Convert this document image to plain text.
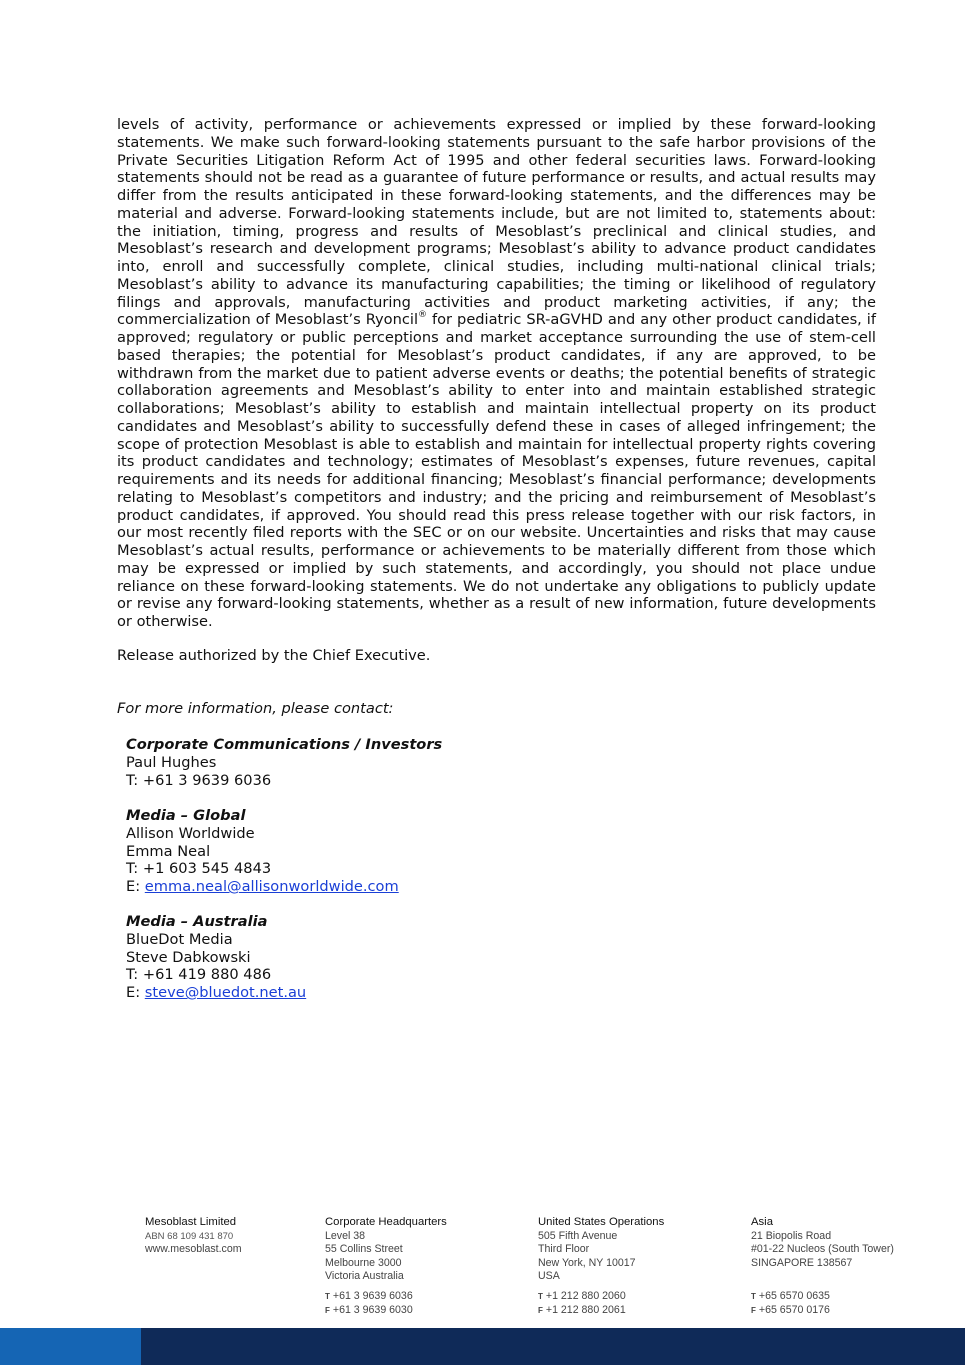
levels of activity, performance or achievements expressed or implied by these forward-looking statements. We make such forward-looking statements pursuant to the safe harbor provisions of the Private Securities Litigation Reform Act of 1995 and other federal securities laws. Forward-looking statements should not be read as a guarantee of future performance or results, and actual results may differ from the results anticipated in these forward-looking statements, and the differences may be material and adverse. Forward-looking statements include, but are not limited to, statements about: the initiation, timing, progress and results of Mesoblast’s preclinical and clinical studies, and Mesoblast’s research and development programs; Mesoblast’s ability to advance product candidates into, enroll and successfully complete, clinical studies, including multi-national clinical trials; Mesoblast’s ability to advance its manufacturing capabilities; the timing or likelihood of regulatory filings and approvals, manufacturing activities and product marketing activities, if any; the commercialization of Mesoblast’s Ryoncil® for pediatric SR-aGVHD and any other product candidates, if approved; regulatory or public perceptions and market acceptance surrounding the use of stem-cell based therapies; the potential for Mesoblast’s product candidates, if any are approved, to be withdrawn from the market due to patient adverse events or deaths; the potential benefits of strategic collaboration agreements and Mesoblast’s ability to enter into and maintain established strategic collaborations; Mesoblast’s ability to establish and maintain intellectual property on its product candidates and Mesoblast’s ability to successfully defend these in cases of alleged infringement; the scope of protection Mesoblast is able to establish and maintain for intellectual property rights covering its product candidates and technology; estimates of Mesoblast’s expenses, future revenues, capital requirements and its needs for additional financing; Mesoblast’s financial performance; developments relating to Mesoblast’s competitors and industry; and the pricing and reimbursement of Mesoblast’s product candidates, if approved. You should read this press release together with our risk factors, in our most recently filed reports with the SEC or on our website. Uncertainties and risks that may cause Mesoblast’s actual results, performance or achievements to be materially different from those which may be expressed or implied by such statements, and accordingly, you should not place undue reliance on these forward-looking statements. We do not undertake any obligations to publicly update or revise any forward-looking statements, whether as a result of new information, future developments or otherwise.

Release authorized by the Chief Executive.

For more information, please contact:

Corporate Communications / Investors
Paul Hughes
T: +61 3 9639 6036
Media – Global
Allison Worldwide
Emma Neal
T: +1 603 545 4843
E: emma.neal@allisonworldwide.com
Media – Australia
BlueDot Media
Steve Dabkowski
T: +61 419 880 486
E: steve@bluedot.net.au
Mesoblast Limited
ABN 68 109 431 870
www.mesoblast.com
Corporate Headquarters
Level 38
55 Collins Street
Melbourne 3000
Victoria Australia
T +61 3 9639 6036
F +61 3 9639 6030
United States Operations
505 Fifth Avenue
Third Floor
New York, NY 10017
USA
T +1 212 880 2060
F +1 212 880 2061
Asia
21 Biopolis Road
#01-22 Nucleos (South Tower)
SINGAPORE 138567
T +65 6570 0635
F +65 6570 0176
